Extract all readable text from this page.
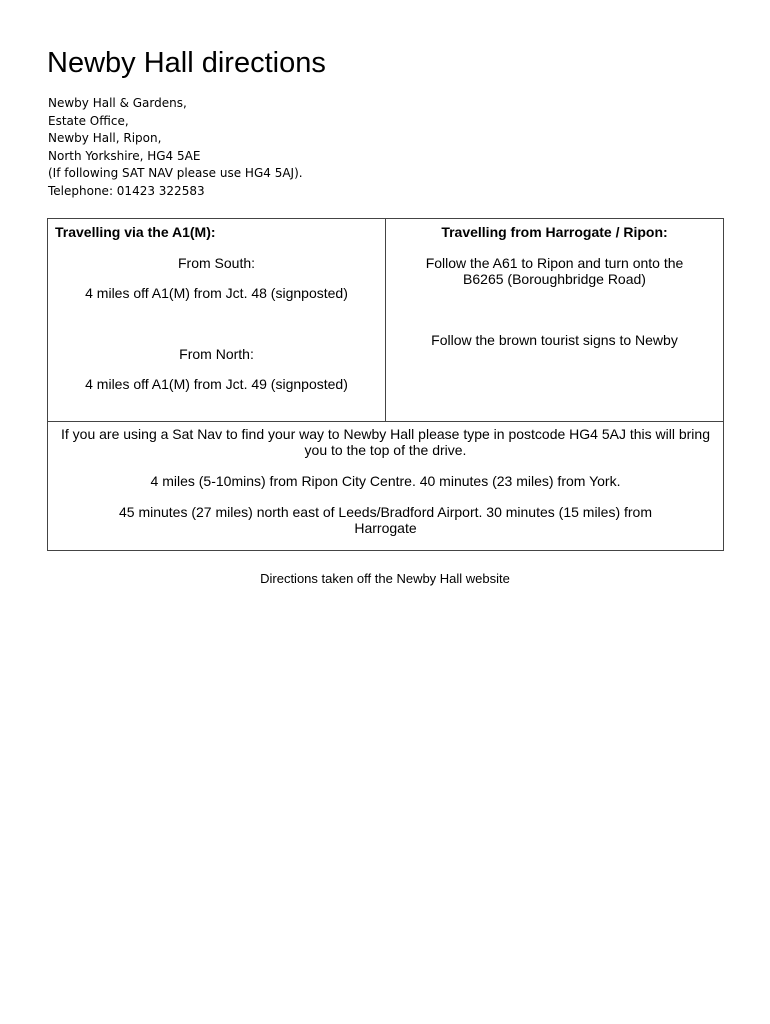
Newby Hall directions
Newby Hall & Gardens,
Estate Office,
Newby Hall, Ripon,
North Yorkshire, HG4 5AE
(If following SAT NAV please use HG4 5AJ).
Telephone: 01423 322583
Travelling via the A1(M):
From South:
4 miles off A1(M) from Jct. 48 (signposted)
From North:
4 miles off A1(M) from Jct. 49 (signposted)
Travelling from Harrogate / Ripon:
Follow the A61 to Ripon and turn onto the B6265 (Boroughbridge Road)
Follow the brown tourist signs to Newby
If you are using a Sat Nav to find your way to Newby Hall please type in postcode HG4 5AJ this will bring you to the top of the drive.
4 miles (5-10mins) from Ripon City Centre. 40 minutes (23 miles) from York.
45 minutes (27 miles) north east of Leeds/Bradford Airport. 30 minutes (15 miles) from Harrogate
Directions taken off the Newby Hall website
